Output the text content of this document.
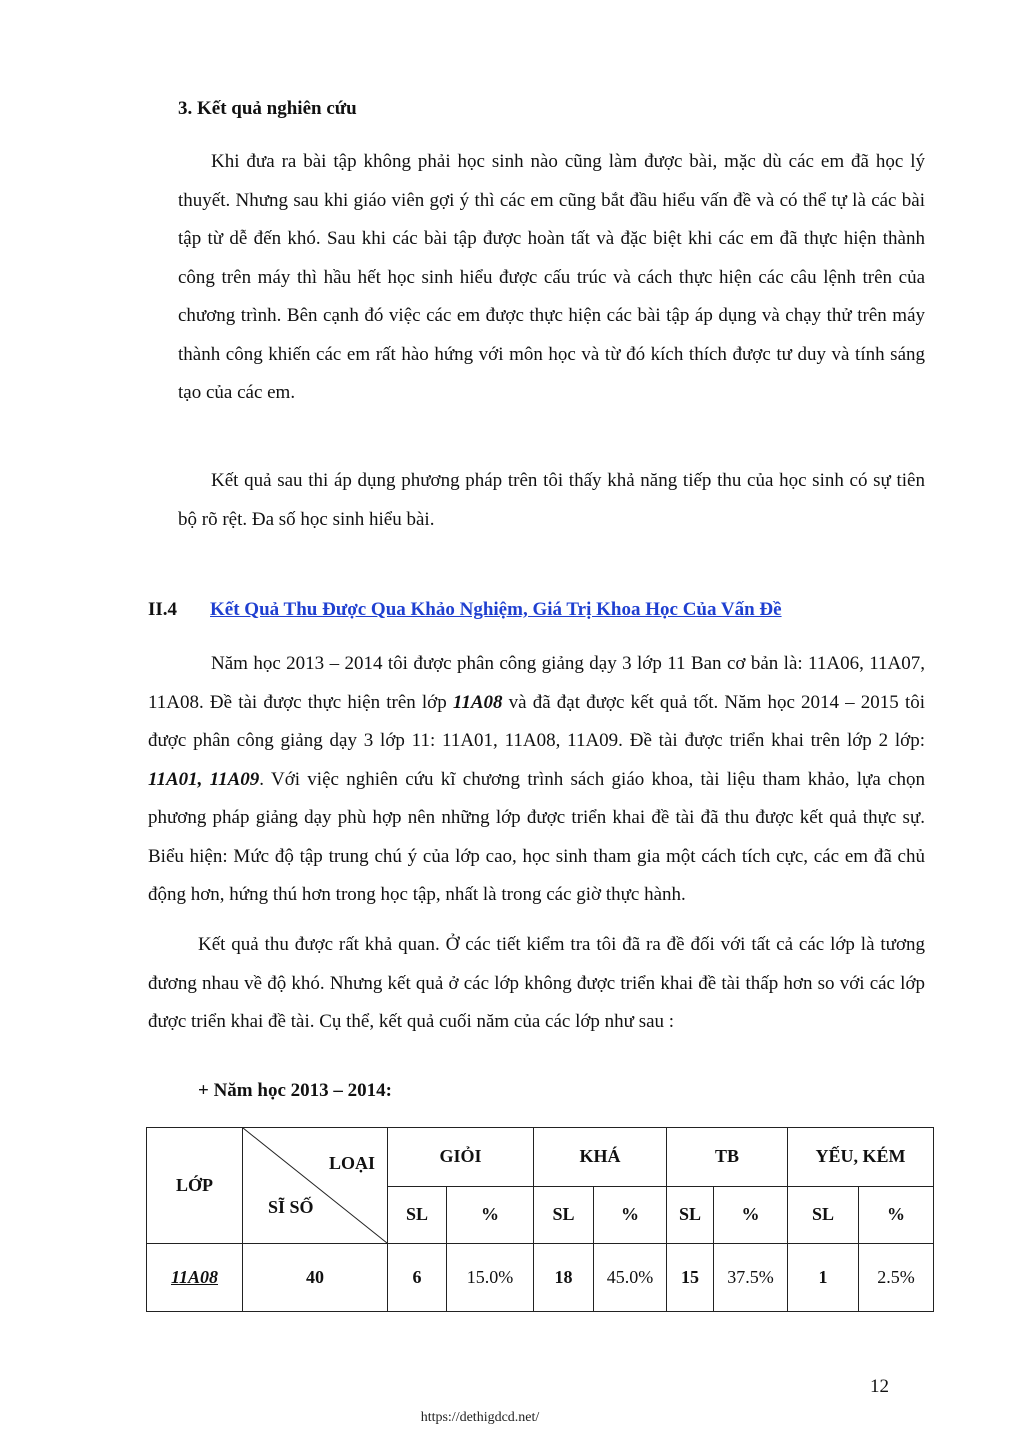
3. Kết quả nghiên cứu

Khi đưa ra bài tập không phải học sinh nào cũng làm được bài, mặc dù các em đã học lý thuyết. Nhưng sau khi giáo viên gợi ý thì các em cũng bắt đầu hiểu vấn đề và có thể tự là các bài tập từ dễ đến khó. Sau khi các bài tập được hoàn tất và đặc biệt khi các em đã thực hiện thành công trên máy thì hầu hết học sinh hiểu được cấu trúc và cách thực hiện các câu lệnh trên của chương trình. Bên cạnh đó việc các em được thực hiện các bài tập áp dụng và chạy thử trên máy thành công khiến các em rất hào hứng với môn học và từ đó kích thích được tư duy và tính sáng tạo của các em.

Kết quả sau thi áp dụng phương pháp trên tôi thấy khả năng tiếp thu của học sinh có sự tiên bộ rõ rệt. Đa số học sinh hiểu bài.

II.4 Kết Quả Thu Được Qua Khảo Nghiệm, Giá Trị Khoa Học Của Vấn Đề

Năm học 2013 – 2014 tôi được phân công giảng dạy 3 lớp 11 Ban cơ bản là: 11A06, 11A07, 11A08. Đề tài được thực hiện trên lớp 11A08 và đã đạt được kết quả tốt. Năm học 2014 – 2015 tôi được phân công giảng dạy 3 lớp 11: 11A01, 11A08, 11A09. Đề tài được triển khai trên lớp 2 lớp: 11A01, 11A09. Với việc nghiên cứu kĩ chương trình sách giáo khoa, tài liệu tham khảo, lựa chọn phương pháp giảng dạy phù hợp nên những lớp được triển khai đề tài đã thu được kết quả thực sự. Biểu hiện: Mức độ tập trung chú ý của lớp cao, học sinh tham gia một cách tích cực, các em đã chủ động hơn, hứng thú hơn trong học tập, nhất là trong các giờ thực hành.

Kết quả thu được rất khả quan. Ở các tiết kiểm tra tôi đã ra đề đối với tất cả các lớp là tương đương nhau về độ khó. Nhưng kết quả ở các lớp không được triển khai đề tài thấp hơn so với các lớp được triển khai đề tài. Cụ thể, kết quả cuối năm của các lớp như sau :

+ Năm học 2013 – 2014:
LỚP	LOẠI
SĨ SỐ	GIỎI		KHÁ		TB		YẾU, KÉM	
		SL	%	SL	%	SL	%	SL	%
11A08	40	6	15.0%	18	45.0%	15	37.5%	1	2.5%
12
https://dethigdcd.net/
